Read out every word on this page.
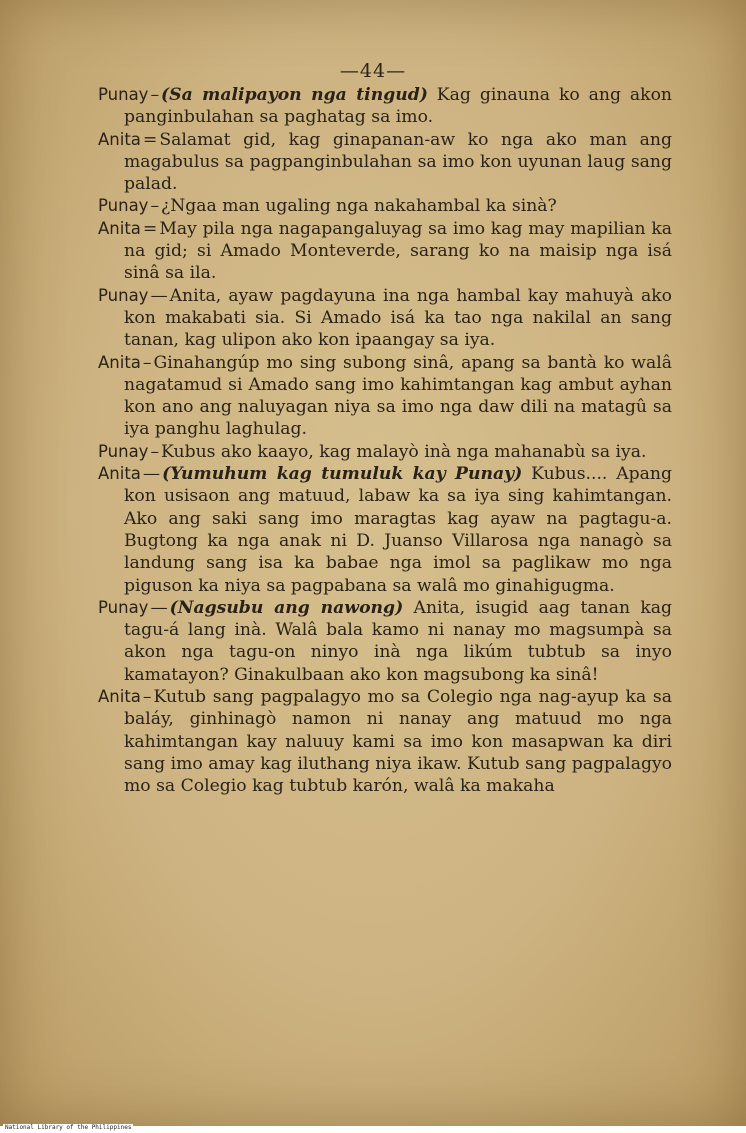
—44—

Punay – (Sa malipayon nga tingud) Kag ginauna ko ang akon panginbulahan sa paghatag sa imo.

Anita = Salamat gid, kag ginapanan-aw ko nga ako man ang magabulus sa pagpanginbulahan sa imo kon uyunan laug sang palad.

Punay – ¿Ngaa man ugaling nga nakahambal ka sinà?

Anita = May pila nga nagapangaluyag sa imo kag may mapilian ka na gid; si Amado Monteverde, sarang ko na maisip nga isá sinâ sa ila.

Punay — Anita, ayaw pagdayuna ina nga hambal kay mahuyà ako kon makabati sia. Si Amado isá ka tao nga nakilal an sang tanan, kag ulipon ako kon ipaangay sa iya.

Anita – Ginahangúp mo sing subong sinâ, apang sa bantà ko walâ nagatamud si Amado sang imo kahimtangan kag ambut ayhan kon ano ang naluyagan niya sa imo nga daw dili na matagû sa iya panghu laghulag.

Punay – Kubus ako kaayo, kag malayò inà nga mahanabù sa iya.

Anita — (Yumuhum kag tumuluk kay Punay) Kubus.... Apang kon usisaon ang matuud, labaw ka sa iya sing kahimtangan. Ako ang saki sang imo maragtas kag ayaw na pagtagu-a. Bugtong ka nga anak ni D. Juanso Villarosa nga nanagò sa landung sang isa ka babae nga imol sa paglikaw mo nga piguson ka niya sa pagpabana sa walâ mo ginahigugma.

Punay — (Nagsubu ang nawong) Anita, isugid aag tanan kag tagu-á lang inà. Walâ bala kamo ni nanay mo magsumpà sa akon nga tagu-on ninyo inà nga likúm tubtub sa inyo kamatayon? Ginakulbaan ako kon magsubong ka sinâ!

Anita – Kutub sang pagpalagyo mo sa Colegio nga nag-ayup ka sa baláy, ginhinagò namon ni nanay ang matuud mo nga kahimtangan kay naluuy kami sa imo kon masapwan ka diri sang imo amay kag iluthang niya ikaw. Kutub sang pagpalagyo mo sa Colegio kag tubtub karón, walâ ka makaha

National Library of the Philippines
